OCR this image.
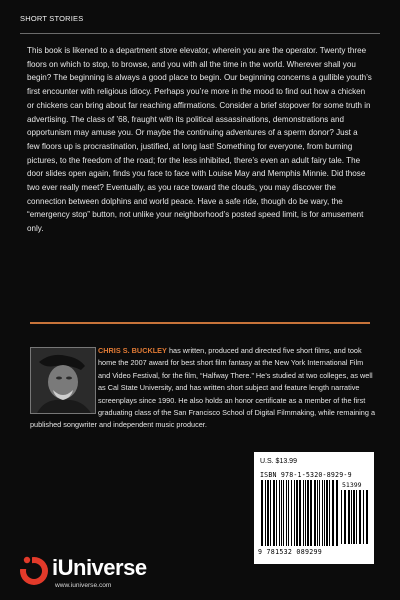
SHORT STORIES

This book is likened to a department store elevator, wherein you are the operator. Twenty three floors on which to stop, to browse, and you with all the time in the world. Wherever shall you begin? The beginning is always a good place to begin. Our beginning concerns a gullible youth’s first encounter with religious idiocy. Perhaps you’re more in the mood to find out how a chicken or chickens can bring about far reaching affirmations. Consider a brief stopover for some truth in advertising. The class of ’68, fraught with its political assassinations, demonstrations and opportunism may amuse you. Or maybe the continuing adventures of a sperm donor? Just a few floors up is procrastination, justified, at long last! Something for everyone, from burning pictures, to the freedom of the road; for the less inhibited, there’s even an adult fairy tale. The door slides open again, finds you face to face with Louise May and Memphis Minnie. Did those two ever really meet? Eventually, as you race toward the clouds, you may discover the connection between dolphins and world peace. Have a safe ride, though do be wary, the “emergency stop” button, not unlike your neighborhood’s posted speed limit, is for amusement only.

CHRIS S. BUCKLEY has written, produced and directed five short films, and took home the 2007 award for best short film fantasy at the New York International Film and Video Festival, for the film, “Halfway There.” He’s studied at two colleges, as well as Cal State University, and has written short subject and feature length narrative screenplays since 1990. He also holds an honor certificate as a member of the first graduating class of the San Francisco School of Digital Filmmaking, while remaining a published songwriter and independent music producer.

U.S. $13.99
ISBN 978-1-5320-8929-9
51399
9 781532 089299
iUniverse
www.iuniverse.com
